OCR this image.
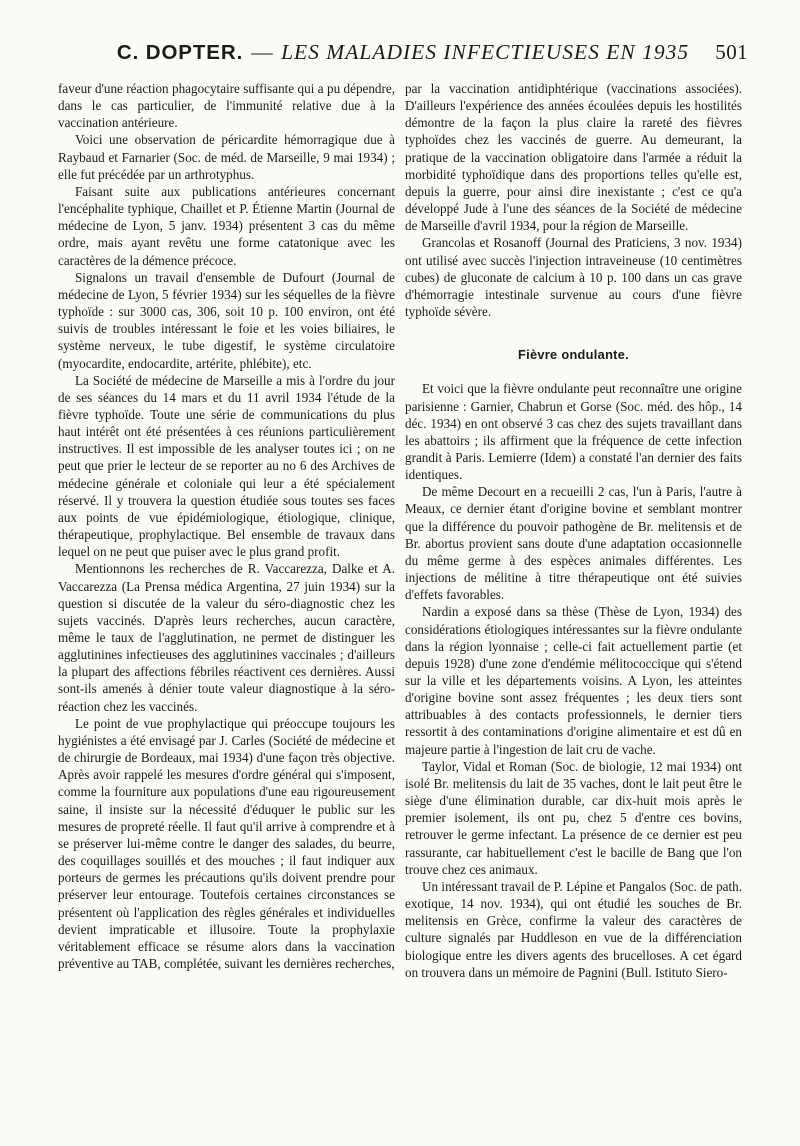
C. DOPTER. — LES MALADIES INFECTIEUSES EN 1935 501

faveur d'une réaction phagocytaire suffisante qui a pu dépendre, dans le cas particulier, de l'immunité relative due à la vaccination antérieure.

Voici une observation de péricardite hémorragique due à Raybaud et Farnarier (Soc. de méd. de Marseille, 9 mai 1934) ; elle fut précédée par un arthrotyphus.

Faisant suite aux publications antérieures concernant l'encéphalite typhique, Chaillet et P. Étienne Martin (Journal de médecine de Lyon, 5 janv. 1934) présentent 3 cas du même ordre, mais ayant revêtu une forme catatonique avec les caractères de la démence précoce.

Signalons un travail d'ensemble de Dufourt (Journal de médecine de Lyon, 5 février 1934) sur les séquelles de la fièvre typhoïde : sur 3000 cas, 306, soit 10 p. 100 environ, ont été suivis de troubles intéressant le foie et les voies biliaires, le système nerveux, le tube digestif, le système circulatoire (myocardite, endocardite, artérite, phlébite), etc.

La Société de médecine de Marseille a mis à l'ordre du jour de ses séances du 14 mars et du 11 avril 1934 l'étude de la fièvre typhoïde. Toute une série de communications du plus haut intérêt ont été présentées à ces réunions particulièrement instructives. Il est impossible de les analyser toutes ici ; on ne peut que prier le lecteur de se reporter au no 6 des Archives de médecine générale et coloniale qui leur a été spécialement réservé. Il y trouvera la question étudiée sous toutes ses faces aux points de vue épidémiologique, étiologique, clinique, thérapeutique, prophylactique. Bel ensemble de travaux dans lequel on ne peut que puiser avec le plus grand profit.

Mentionnons les recherches de R. Vaccarezza, Dalke et A. Vaccarezza (La Prensa médica Argentina, 27 juin 1934) sur la question si discutée de la valeur du séro-diagnostic chez les sujets vaccinés. D'après leurs recherches, aucun caractère, même le taux de l'agglutination, ne permet de distinguer les agglutinines infectieuses des agglutinines vaccinales ; d'ailleurs la plupart des affections fébriles réactivent ces dernières. Aussi sont-ils amenés à dénier toute valeur diagnostique à la séro-réaction chez les vaccinés.

Le point de vue prophylactique qui préoccupe toujours les hygiénistes a été envisagé par J. Carles (Société de médecine et de chirurgie de Bordeaux, mai 1934) d'une façon très objective. Après avoir rappelé les mesures d'ordre général qui s'imposent, comme la fourniture aux populations d'une eau rigoureusement saine, il insiste sur la nécessité d'éduquer le public sur les mesures de propreté réelle. Il faut qu'il arrive à comprendre et à se préserver lui-même contre le danger des salades, du beurre, des coquillages souillés et des mouches ; il faut indiquer aux porteurs de germes les précautions qu'ils doivent prendre pour préserver leur entourage. Toutefois certaines circonstances se présentent où l'application des règles générales et individuelles devient impraticable et illusoire. Toute la prophylaxie véritablement efficace se résume alors dans la vaccination préventive au TAB, complétée, suivant les dernières recherches,

par la vaccination antidiphtérique (vaccinations associées). D'ailleurs l'expérience des années écoulées depuis les hostilités démontre de la façon la plus claire la rareté des fièvres typhoïdes chez les vaccinés de guerre. Au demeurant, la pratique de la vaccination obligatoire dans l'armée a réduit la morbidité typhoïdique dans des proportions telles qu'elle est, depuis la guerre, pour ainsi dire inexistante ; c'est ce qu'a développé Jude à l'une des séances de la Société de médecine de Marseille d'avril 1934, pour la région de Marseille.

Grancolas et Rosanoff (Journal des Praticiens, 3 nov. 1934) ont utilisé avec succès l'injection intraveineuse (10 centimètres cubes) de gluconate de calcium à 10 p. 100 dans un cas grave d'hémorragie intestinale survenue au cours d'une fièvre typhoïde sévère.

Fièvre ondulante.

Et voici que la fièvre ondulante peut reconnaître une origine parisienne : Garnier, Chabrun et Gorse (Soc. méd. des hôp., 14 déc. 1934) en ont observé 3 cas chez des sujets travaillant dans les abattoirs ; ils affirment que la fréquence de cette infection grandit à Paris. Lemierre (Idem) a constaté l'an dernier des faits identiques.

De même Decourt en a recueilli 2 cas, l'un à Paris, l'autre à Meaux, ce dernier étant d'origine bovine et semblant montrer que la différence du pouvoir pathogène de Br. melitensis et de Br. abortus provient sans doute d'une adaptation occasionnelle du même germe à des espèces animales différentes. Les injections de mélitine à titre thérapeutique ont été suivies d'effets favorables.

Nardin a exposé dans sa thèse (Thèse de Lyon, 1934) des considérations étiologiques intéressantes sur la fièvre ondulante dans la région lyonnaise ; celle-ci fait actuellement partie (et depuis 1928) d'une zone d'endémie mélitococcique qui s'étend sur la ville et les départements voisins. A Lyon, les atteintes d'origine bovine sont assez fréquentes ; les deux tiers sont attribuables à des contacts professionnels, le dernier tiers ressortit à des contaminations d'origine alimentaire et est dû en majeure partie à l'ingestion de lait cru de vache.

Taylor, Vidal et Roman (Soc. de biologie, 12 mai 1934) ont isolé Br. melitensis du lait de 35 vaches, dont le lait peut être le siège d'une élimination durable, car dix-huit mois après le premier isolement, ils ont pu, chez 5 d'entre ces bovins, retrouver le germe infectant. La présence de ce dernier est peu rassurante, car habituellement c'est le bacille de Bang que l'on trouve chez ces animaux.

Un intéressant travail de P. Lépine et Pangalos (Soc. de path. exotique, 14 nov. 1934), qui ont étudié les souches de Br. melitensis en Grèce, confirme la valeur des caractères de culture signalés par Huddleson en vue de la différenciation biologique entre les divers agents des brucelloses. A cet égard on trouvera dans un mémoire de Pagnini (Bull. Istituto Siero-
